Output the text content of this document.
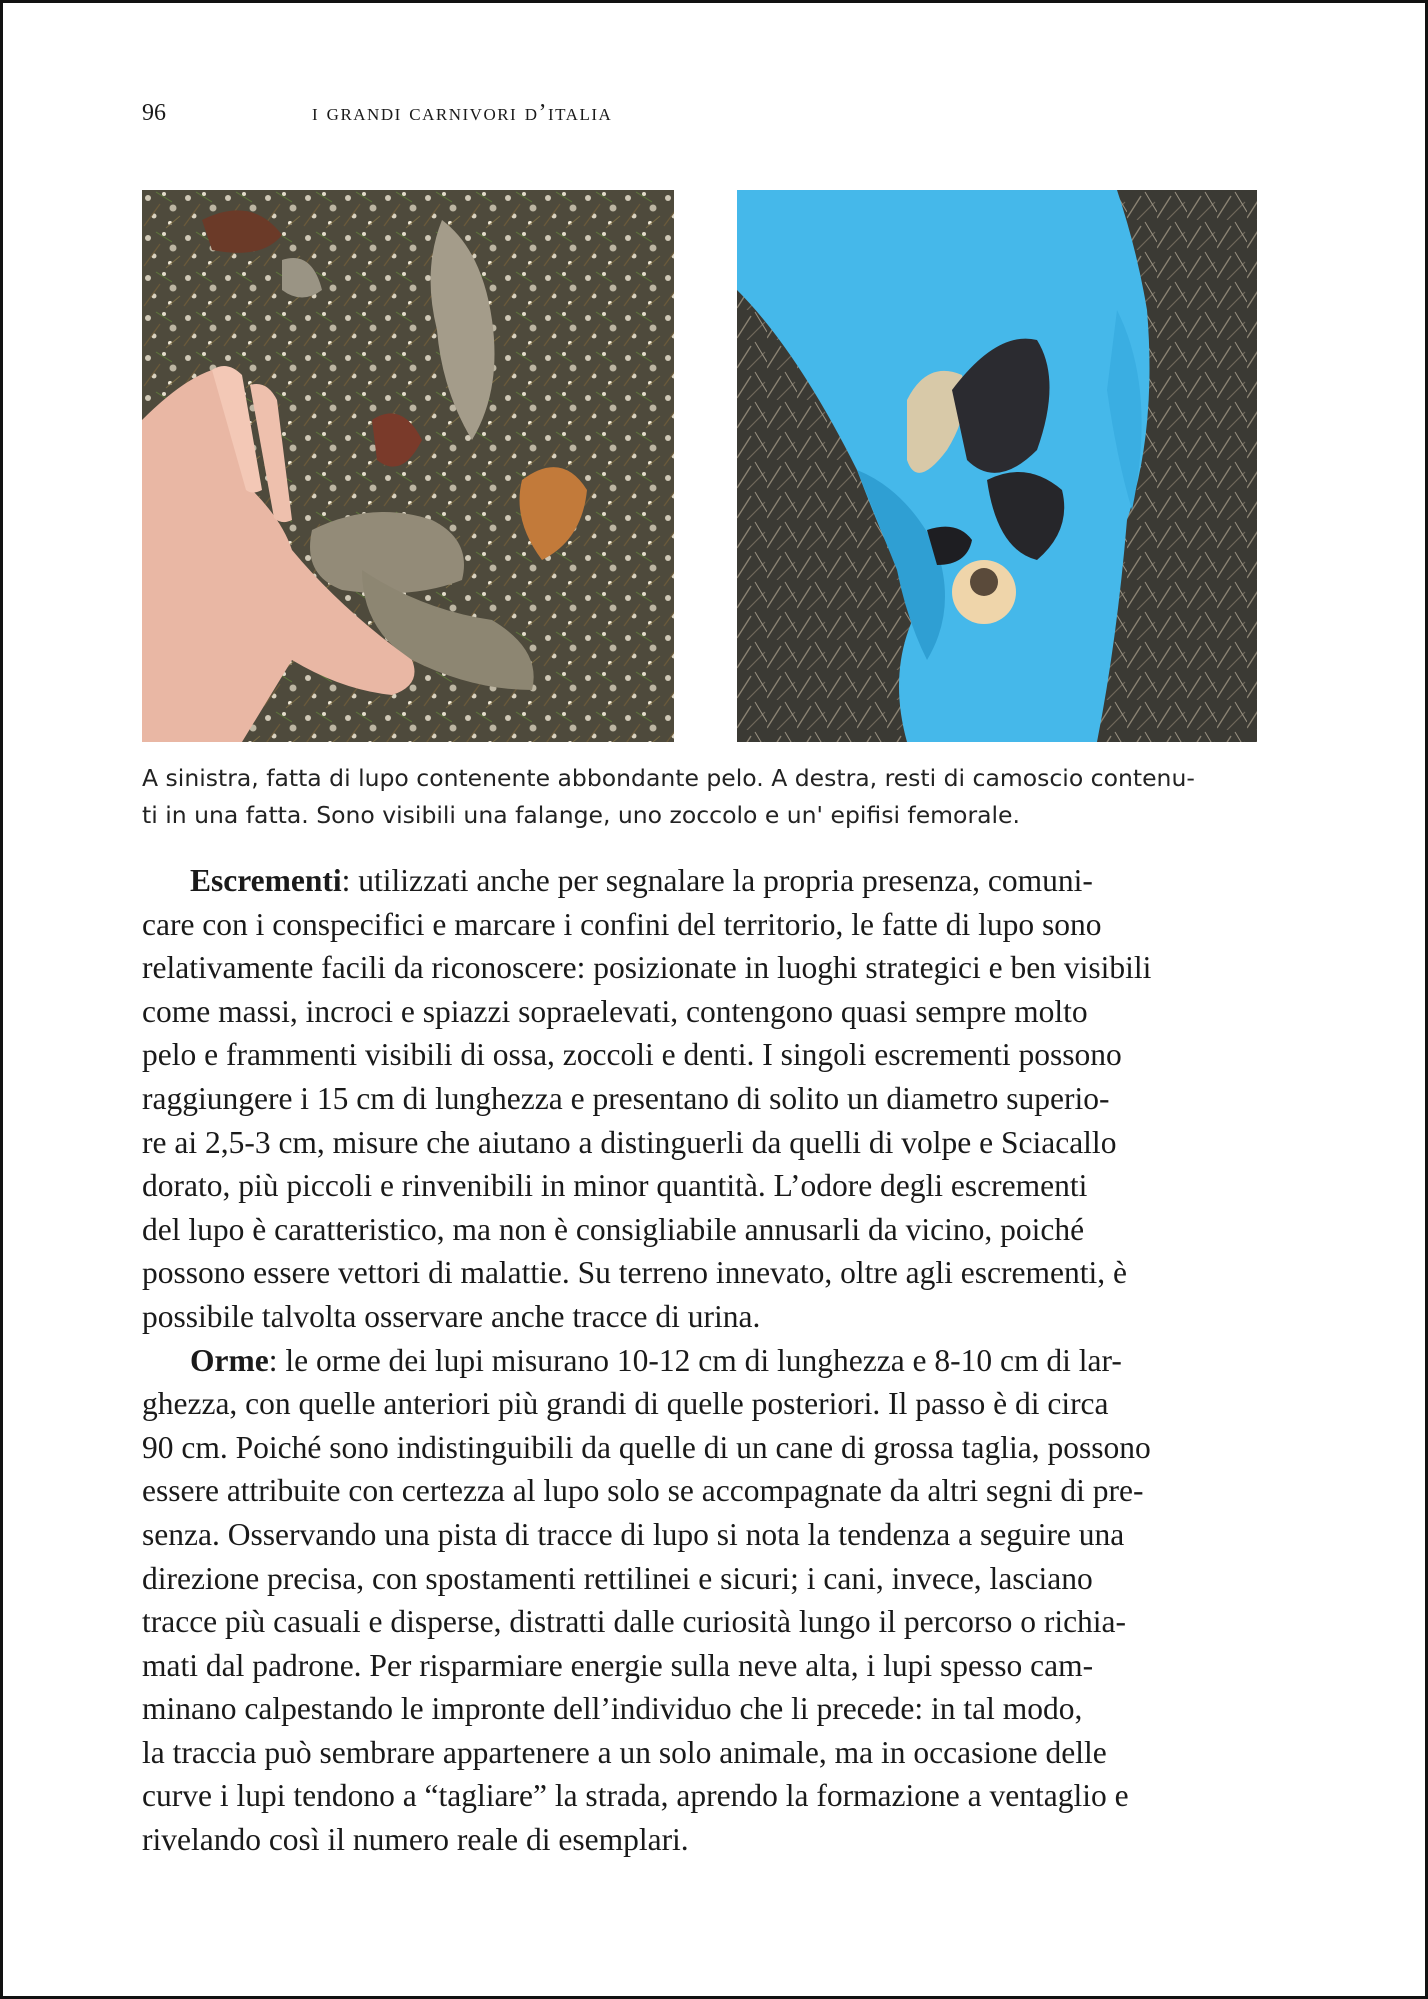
96	i grandi carnivori d’italia

A sinistra, fatta di lupo contenente abbondante pelo. A destra, resti di camoscio contenu-

ti in una fatta. Sono visibili una falange, uno zoccolo e un' epifisi femorale.

Escrementi: utilizzati anche per segnalare la propria presenza, comuni-

care con i conspecifici e marcare i confini del territorio, le fatte di lupo sono

relativamente facili da riconoscere: posizionate in luoghi strategici e ben visibili

come massi, incroci e spiazzi sopraelevati, contengono quasi sempre molto

pelo e frammenti visibili di ossa, zoccoli e denti. I singoli escrementi possono

raggiungere i 15 cm di lunghezza e presentano di solito un diametro superio-

re ai 2,5-3 cm, misure che aiutano a distinguerli da quelli di volpe e Sciacallo

dorato, più piccoli e rinvenibili in minor quantità. L’odore degli escrementi

del lupo è caratteristico, ma non è consigliabile annusarli da vicino, poiché

possono essere vettori di malattie. Su terreno innevato, oltre agli escrementi, è

possibile talvolta osservare anche tracce di urina.

Orme: le orme dei lupi misurano 10-12 cm di lunghezza e 8-10 cm di lar-

ghezza, con quelle anteriori più grandi di quelle posteriori. Il passo è di circa

90 cm. Poiché sono indistinguibili da quelle di un cane di grossa taglia, possono

essere attribuite con certezza al lupo solo se accompagnate da altri segni di pre-

senza. Osservando una pista di tracce di lupo si nota la tendenza a seguire una

direzione precisa, con spostamenti rettilinei e sicuri; i cani, invece, lasciano

tracce più casuali e disperse, distratti dalle curiosità lungo il percorso o richia-

mati dal padrone. Per risparmiare energie sulla neve alta, i lupi spesso cam-

minano calpestando le impronte dell’individuo che li precede: in tal modo,

la traccia può sembrare appartenere a un solo animale, ma in occasione delle

curve i lupi tendono a “tagliare” la strada, aprendo la formazione a ventaglio e

rivelando così il numero reale di esemplari.
